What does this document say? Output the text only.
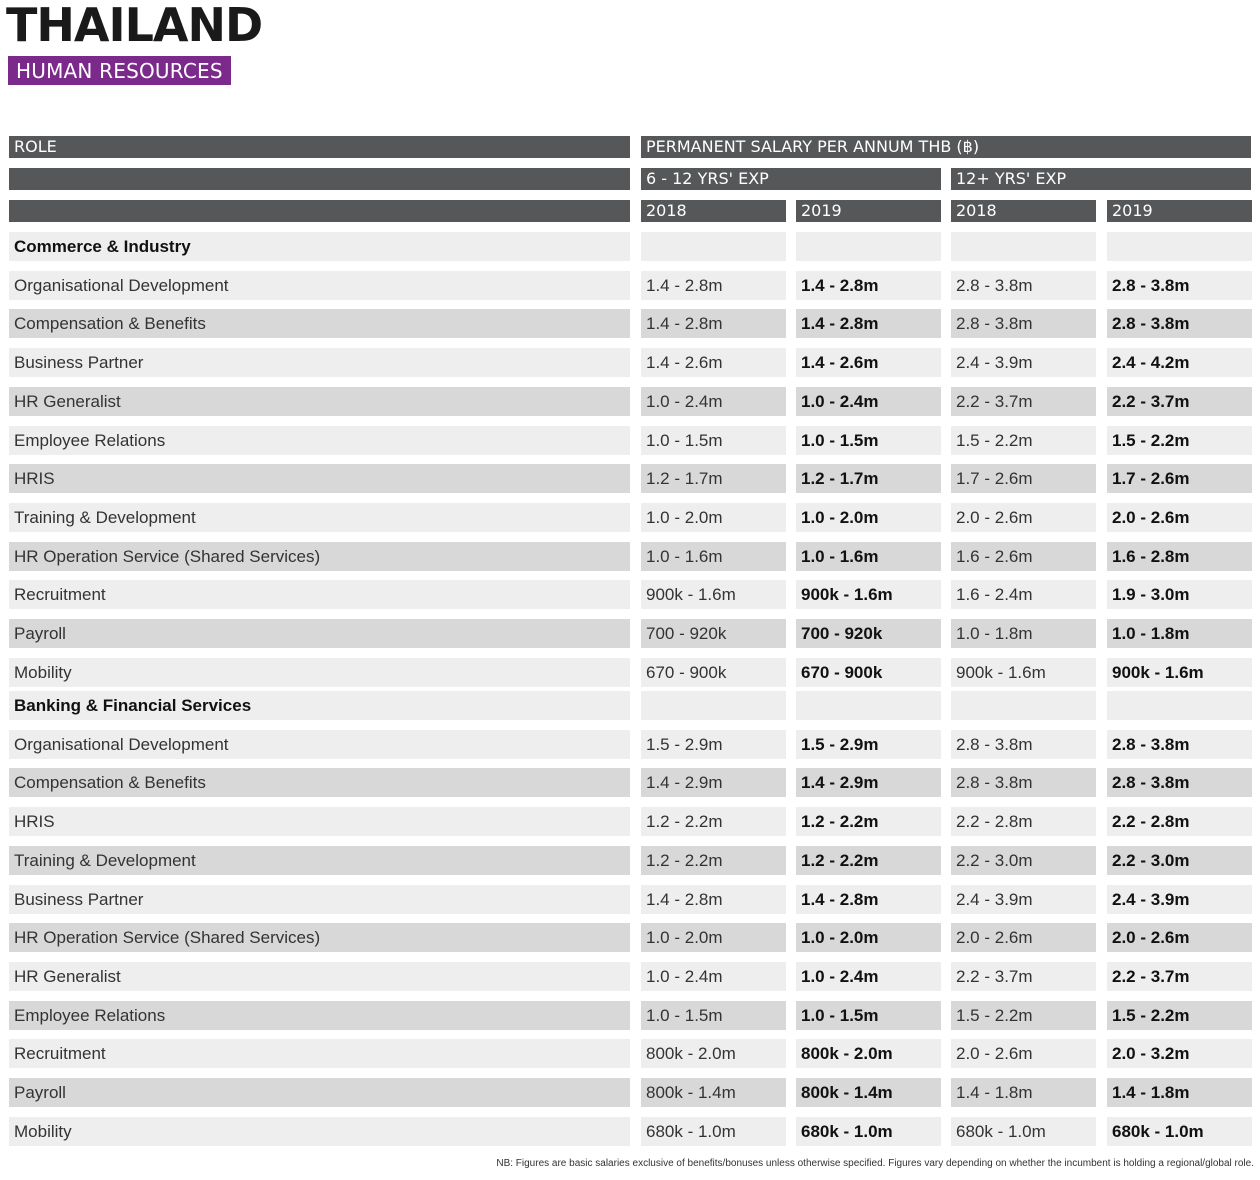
THAILAND
HUMAN RESOURCES
ROLE	PERMANENT SALARY PER ANNUM THB (฿)
6 - 12 YRS' EXP	12+ YRS' EXP
2018	2019	2018	2019
Commerce & Industry
Organisational Development	1.4 - 2.8m	1.4 - 2.8m	2.8 - 3.8m	2.8 - 3.8m
Compensation & Benefits	1.4 - 2.8m	1.4 - 2.8m	2.8 - 3.8m	2.8 - 3.8m
Business Partner	1.4 - 2.6m	1.4 - 2.6m	2.4 - 3.9m	2.4 - 4.2m
HR Generalist	1.0 - 2.4m	1.0 - 2.4m	2.2 - 3.7m	2.2 - 3.7m
Employee Relations	1.0 - 1.5m	1.0 - 1.5m	1.5 - 2.2m	1.5 - 2.2m
HRIS	1.2 - 1.7m	1.2 - 1.7m	1.7 - 2.6m	1.7 - 2.6m
Training & Development	1.0 - 2.0m	1.0 - 2.0m	2.0 - 2.6m	2.0 - 2.6m
HR Operation Service (Shared Services)	1.0 - 1.6m	1.0 - 1.6m	1.6 - 2.6m	1.6 - 2.8m
Recruitment	900k - 1.6m	900k - 1.6m	1.6 - 2.4m	1.9 - 3.0m
Payroll	700 - 920k	700 - 920k	1.0 - 1.8m	1.0 - 1.8m
Mobility	670 - 900k	670 - 900k	900k - 1.6m	900k - 1.6m
Banking & Financial Services
Organisational Development	1.5 - 2.9m	1.5 - 2.9m	2.8 - 3.8m	2.8 - 3.8m
Compensation & Benefits	1.4 - 2.9m	1.4 - 2.9m	2.8 - 3.8m	2.8 - 3.8m
HRIS	1.2 - 2.2m	1.2 - 2.2m	2.2 - 2.8m	2.2 - 2.8m
Training & Development	1.2 - 2.2m	1.2 - 2.2m	2.2 - 3.0m	2.2 - 3.0m
Business Partner	1.4 - 2.8m	1.4 - 2.8m	2.4 - 3.9m	2.4 - 3.9m
HR Operation Service (Shared Services)	1.0 - 2.0m	1.0 - 2.0m	2.0 - 2.6m	2.0 - 2.6m
HR Generalist	1.0 - 2.4m	1.0 - 2.4m	2.2 - 3.7m	2.2 - 3.7m
Employee Relations	1.0 - 1.5m	1.0 - 1.5m	1.5 - 2.2m	1.5 - 2.2m
Recruitment	800k - 2.0m	800k - 2.0m	2.0 - 2.6m	2.0 - 3.2m
Payroll	800k - 1.4m	800k - 1.4m	1.4 - 1.8m	1.4 - 1.8m
Mobility	680k - 1.0m	680k - 1.0m	680k - 1.0m	680k - 1.0m
NB: Figures are basic salaries exclusive of benefits/bonuses unless otherwise specified. Figures vary depending on whether the incumbent is holding a regional/global role.
